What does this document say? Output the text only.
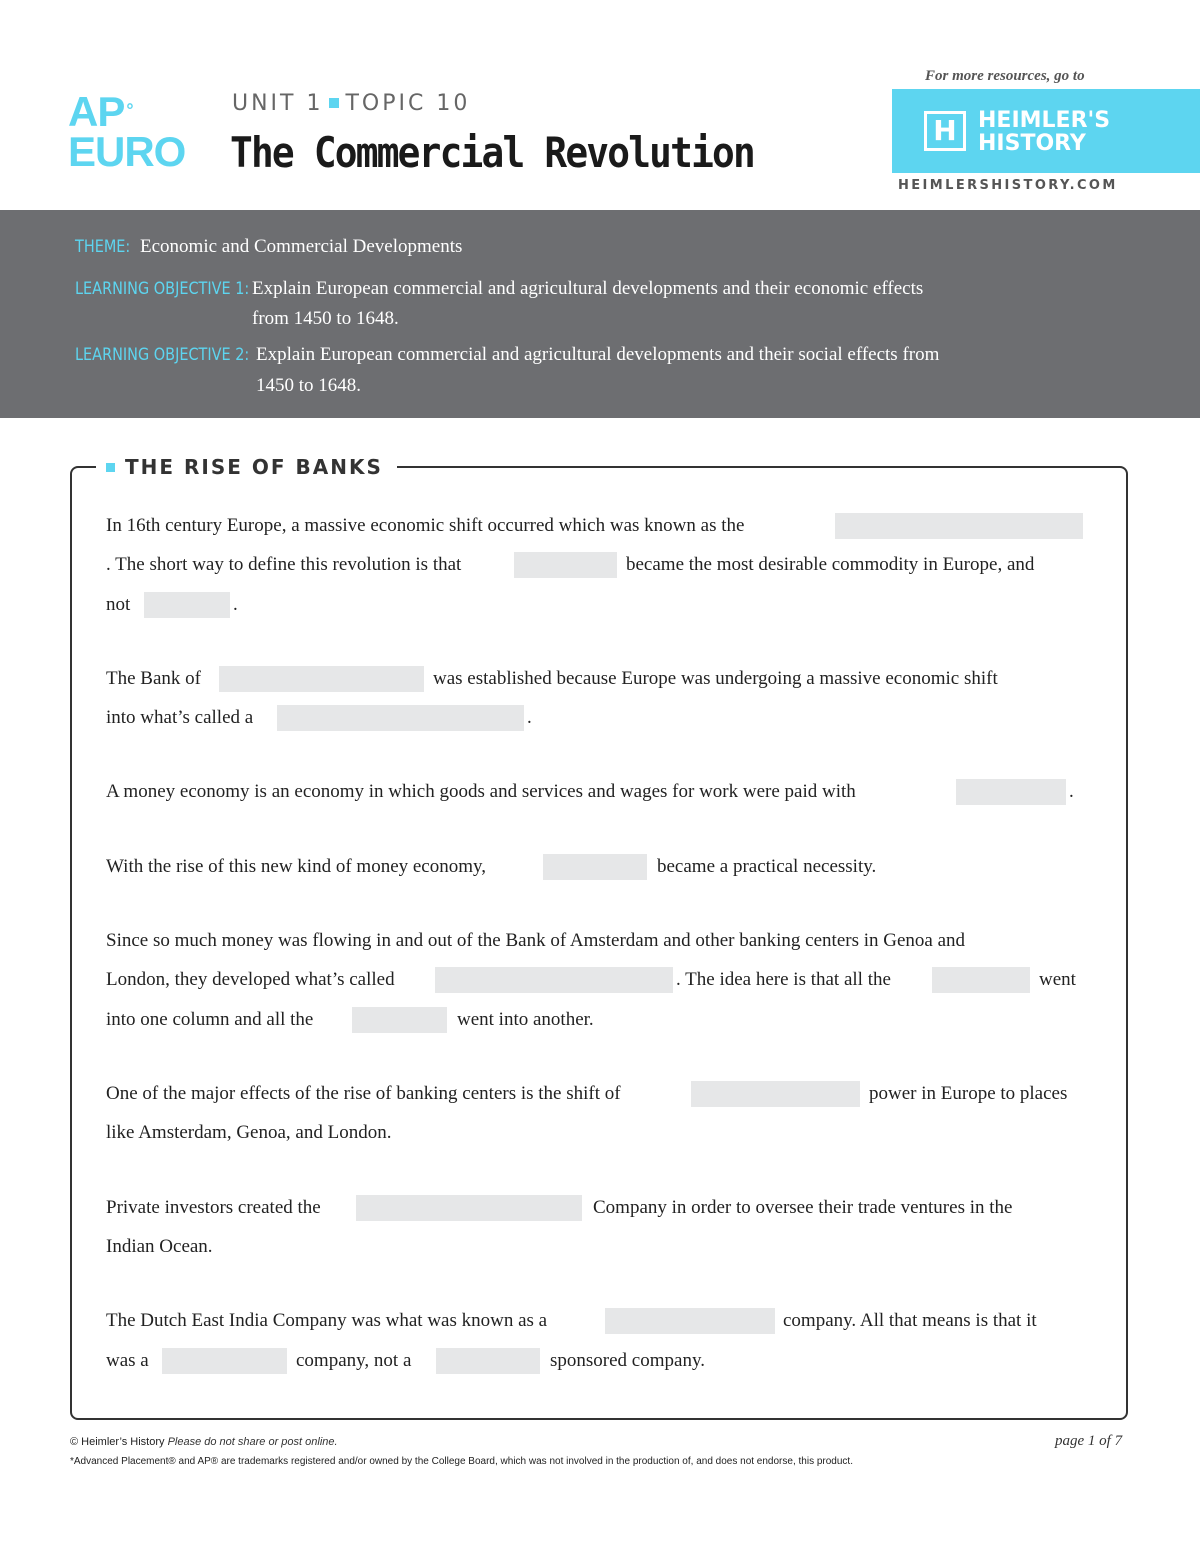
AP °
EURO
UNIT 1 TOPIC 10
The Commercial Revolution
For more resources, go to
H HEIMLER'S
HISTORY
HEIMLERSHISTORY.COM
THEME: Economic and Commercial Developments
LEARNING OBJECTIVE 1: Explain European commercial and agricultural developments and their economic effects
from 1450 to 1648.
LEARNING OBJECTIVE 2: Explain European commercial and agricultural developments and their social effects from
1450 to 1648.
THE RISE OF BANKS
In 16th century Europe, a massive economic shift occurred which was known as the
. The short way to define this revolution is that	became the most desirable commodity in Europe, and
not	.
The Bank of	was established because Europe was undergoing a massive economic shift
into what’s called a	.
A money economy is an economy in which goods and services and wages for work were paid with	.
With the rise of this new kind of money economy,	became a practical necessity.
Since so much money was flowing in and out of the Bank of Amsterdam and other banking centers in Genoa and
London, they developed what’s called	. The idea here is that all the	went
into one column and all the	went into another.
One of the major effects of the rise of banking centers is the shift of	power in Europe to places
like Amsterdam, Genoa, and London.
Private investors created the	Company in order to oversee their trade ventures in the
Indian Ocean.
The Dutch East India Company was what was known as a	company. All that means is that it
was a	company, not a	sponsored company.
© Heimler’s History Please do not share or post online.
*Advanced Placement® and AP® are trademarks registered and/or owned by the College Board, which was not involved in the production of, and does not endorse, this product.
page 1 of 7
